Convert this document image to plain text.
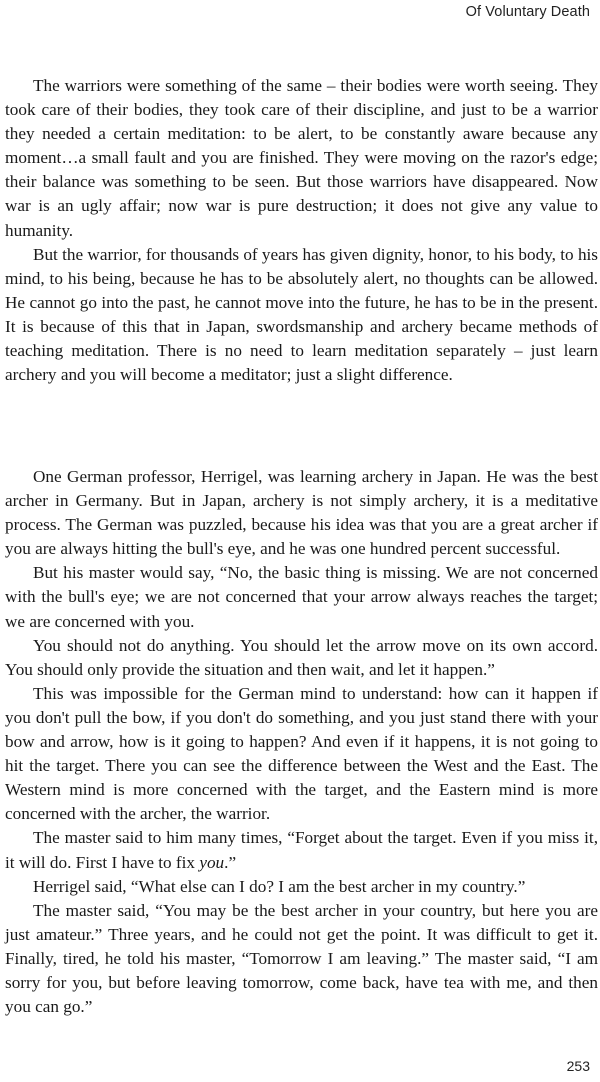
Of Voluntary Death

The warriors were something of the same – their bodies were worth seeing. They took care of their bodies, they took care of their discipline, and just to be a warrior they needed a certain meditation: to be alert, to be constantly aware because any moment…a small fault and you are finished. They were moving on the razor's edge; their balance was something to be seen. But those warriors have disappeared. Now war is an ugly affair; now war is pure destruction; it does not give any value to humanity.

But the warrior, for thousands of years has given dignity, honor, to his body, to his mind, to his being, because he has to be absolutely alert, no thoughts can be allowed. He cannot go into the past, he cannot move into the future, he has to be in the present. It is because of this that in Japan, swordsmanship and archery became methods of teaching meditation. There is no need to learn meditation separately – just learn archery and you will become a meditator; just a slight difference.

One German professor, Herrigel, was learning archery in Japan. He was the best archer in Germany. But in Japan, archery is not simply archery, it is a meditative process. The German was puzzled, because his idea was that you are a great archer if you are always hitting the bull's eye, and he was one hundred percent successful.

But his master would say, “No, the basic thing is missing. We are not concerned with the bull's eye; we are not concerned that your arrow always reaches the target; we are concerned with you.

You should not do anything. You should let the arrow move on its own accord. You should only provide the situation and then wait, and let it happen.”

This was impossible for the German mind to understand: how can it happen if you don't pull the bow, if you don't do something, and you just stand there with your bow and arrow, how is it going to happen? And even if it happens, it is not going to hit the target. There you can see the difference between the West and the East. The Western mind is more concerned with the target, and the Eastern mind is more concerned with the archer, the warrior.

The master said to him many times, “Forget about the target. Even if you miss it, it will do. First I have to fix you.”

Herrigel said, “What else can I do? I am the best archer in my country.”

The master said, “You may be the best archer in your country, but here you are just amateur.” Three years, and he could not get the point. It was difficult to get it. Finally, tired, he told his master, “Tomorrow I am leaving.” The master said, “I am sorry for you, but before leaving tomorrow, come back, have tea with me, and then you can go.”

253
